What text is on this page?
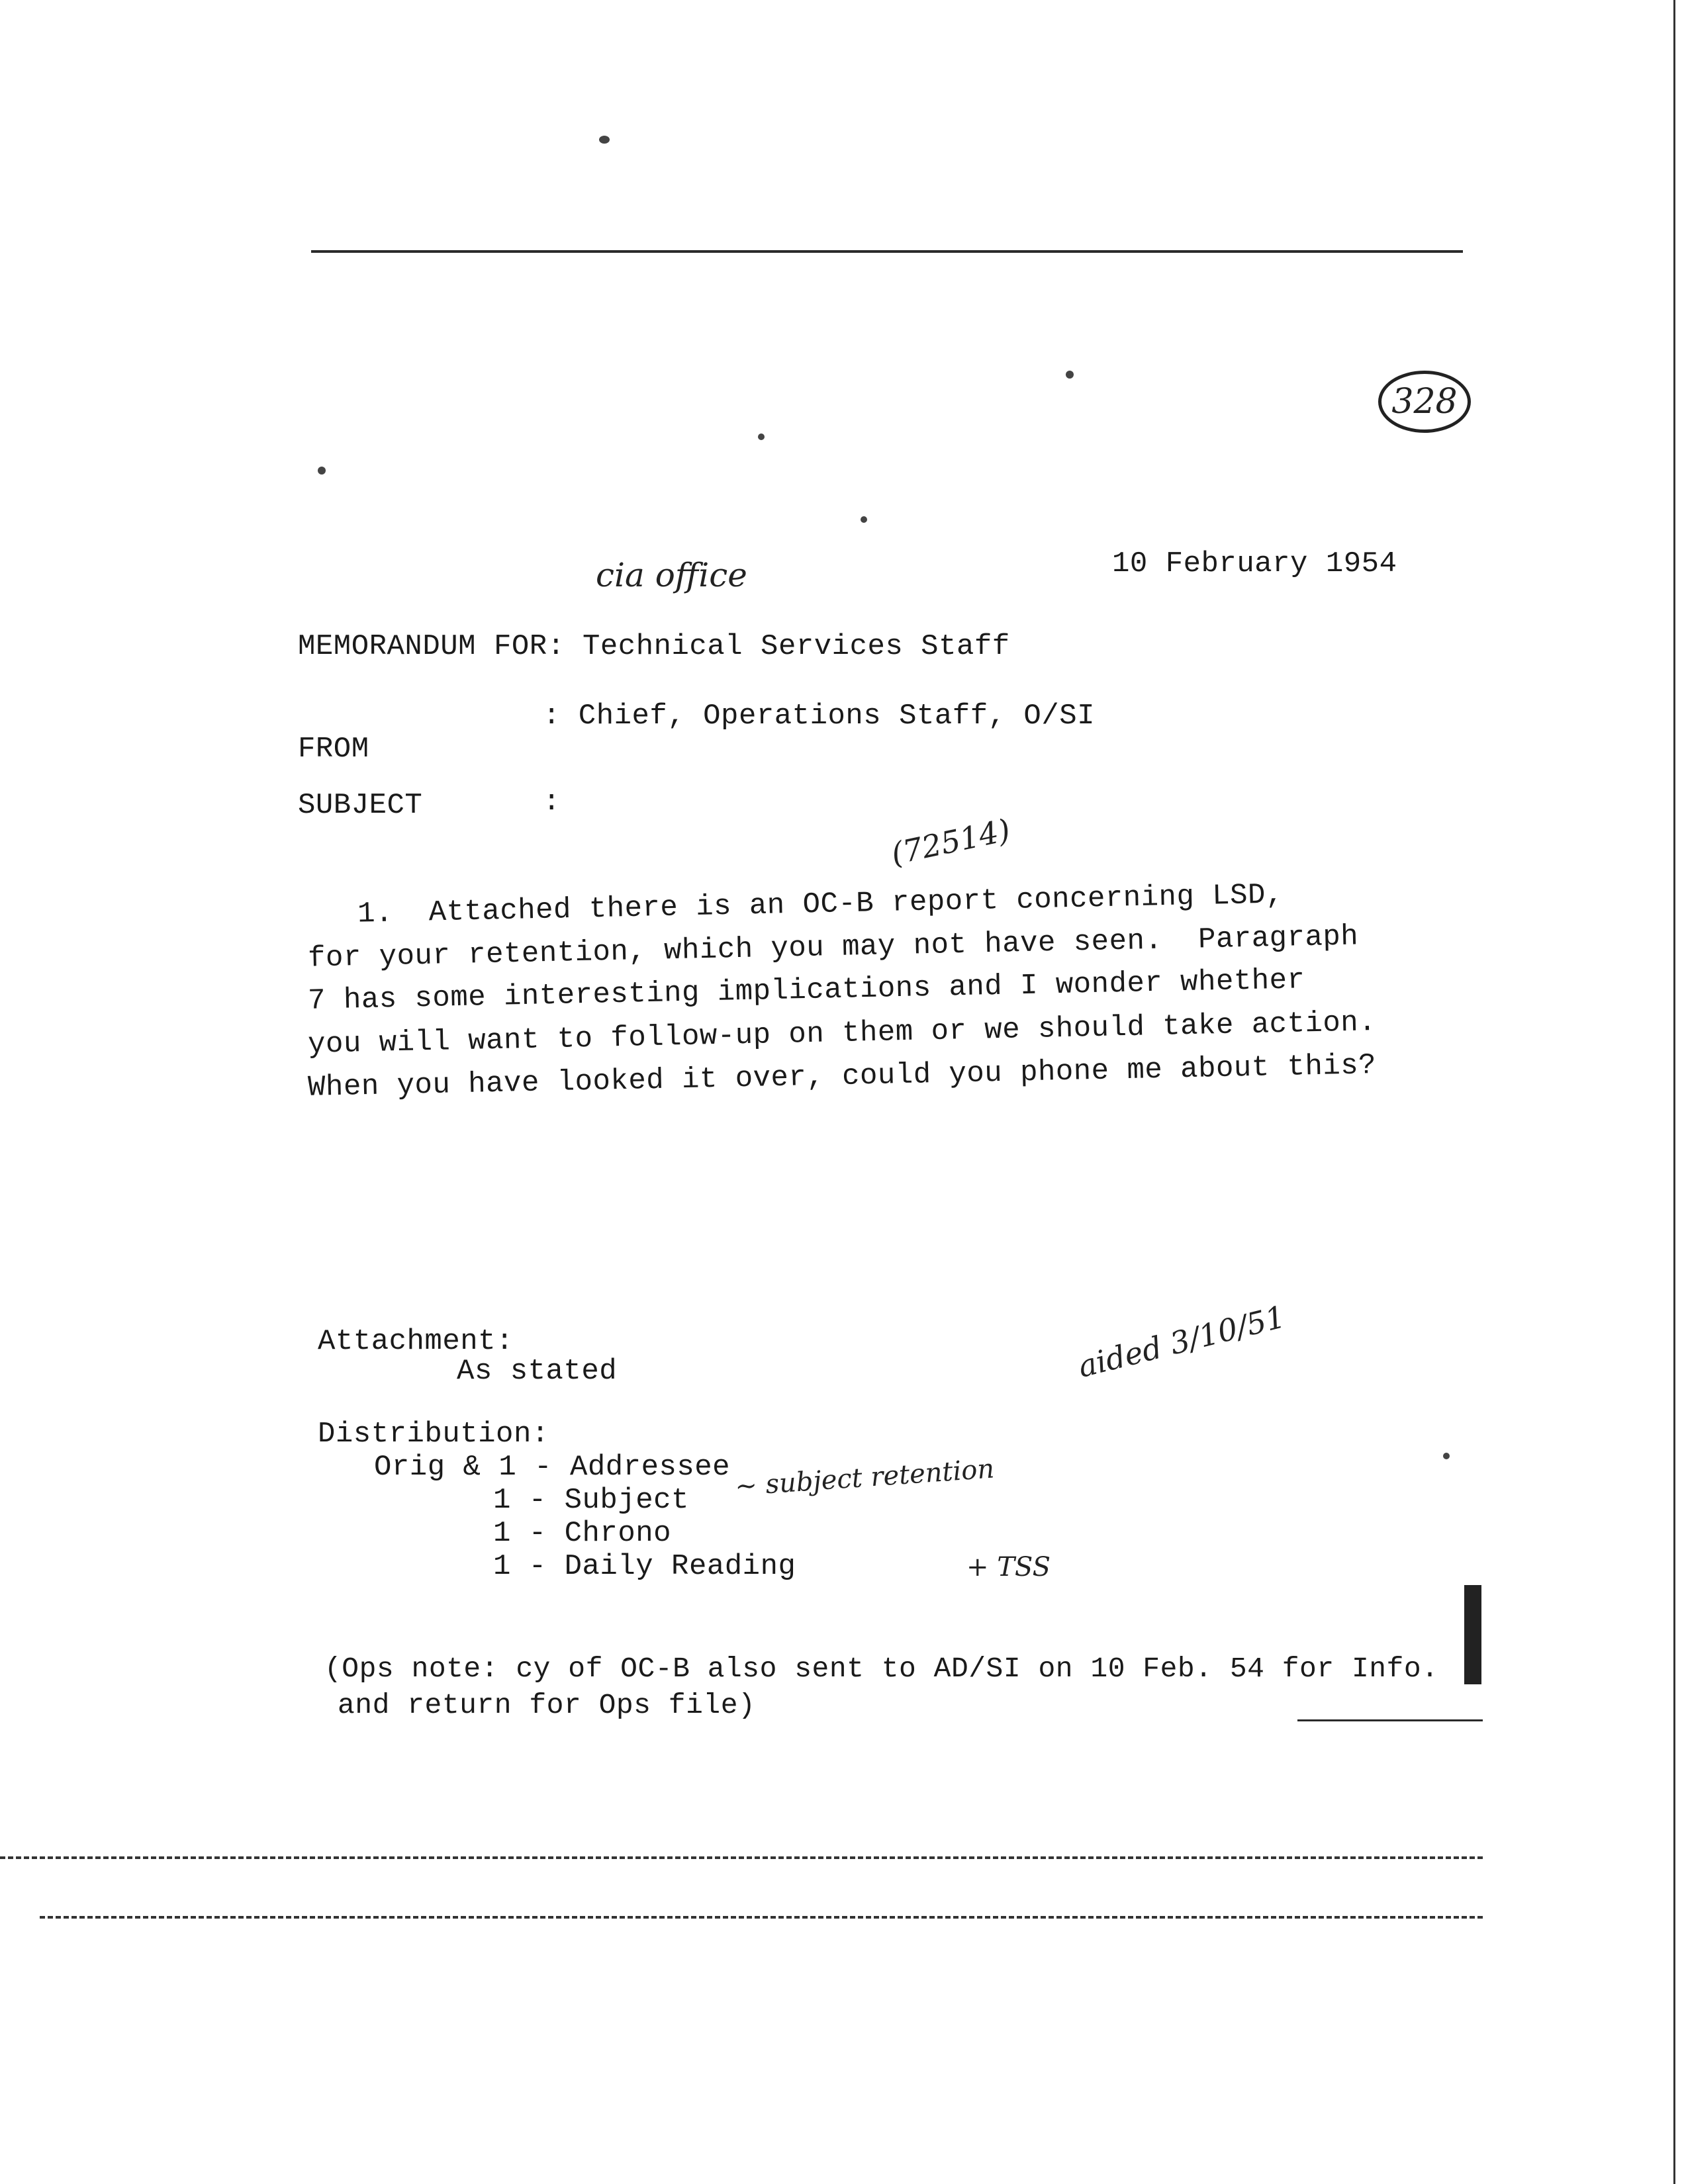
328
cia office
(72514)
aided 3/10/51
~ subject retention
+ TSS
10 February 1954
MEMORANDUM FOR: Technical Services Staff
FROM
: Chief, Operations Staff, O/SI
SUBJECT	:
1.  Attached there is an OC-B report concerning LSD,
for your retention, which you may not have seen.  Paragraph
7 has some interesting implications and I wonder whether
you will want to follow-up on them or we should take action.
When you have looked it over, could you phone me about this?
Attachment:
As stated
Distribution:
Orig & 1 - Addressee
1 - Subject
1 - Chrono
1 - Daily Reading
(Ops note: cy of OC-B also sent to AD/SI on 10 Feb. 54 for Info.
and return for Ops file)
